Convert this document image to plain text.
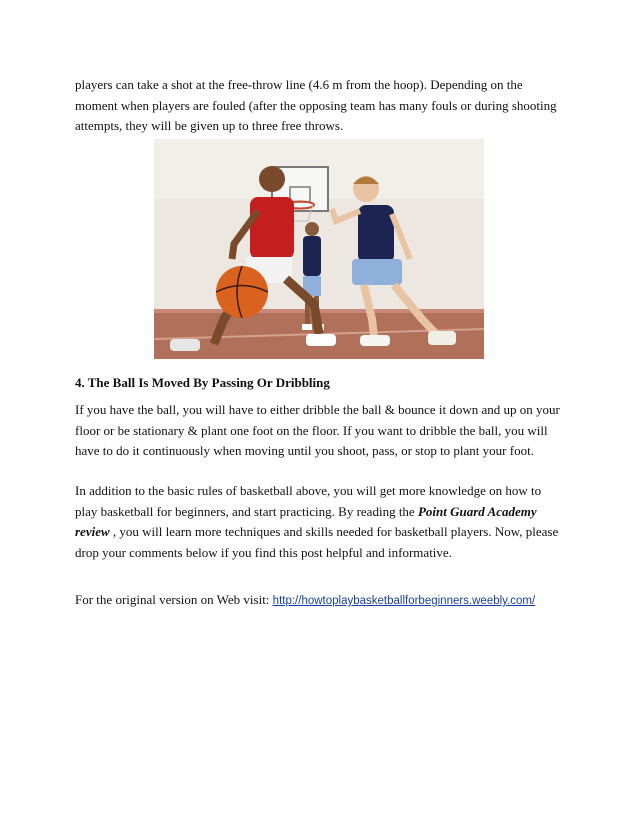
players can take a shot at the free-throw line (4.6 m from the hoop). Depending on the moment when players are fouled (after the opposing team has many fouls or during shooting attempts, they will be given up to three free throws.

4. The Ball Is Moved By Passing Or Dribbling

If you have the ball, you will have to either dribble the ball & bounce it down and up on your floor or be stationary & plant one foot on the floor. If you want to dribble the ball, you will have to do it continuously when moving until you shoot, pass, or stop to plant your foot.

In addition to the basic rules of basketball above, you will get more knowledge on how to play basketball for beginners, and start practicing. By reading the Point Guard Academy review , you will learn more techniques and skills needed for basketball players. Now, please drop your comments below if you find this post helpful and informative.

For the original version on Web visit: http://howtoplaybasketballforbeginners.weebly.com/
